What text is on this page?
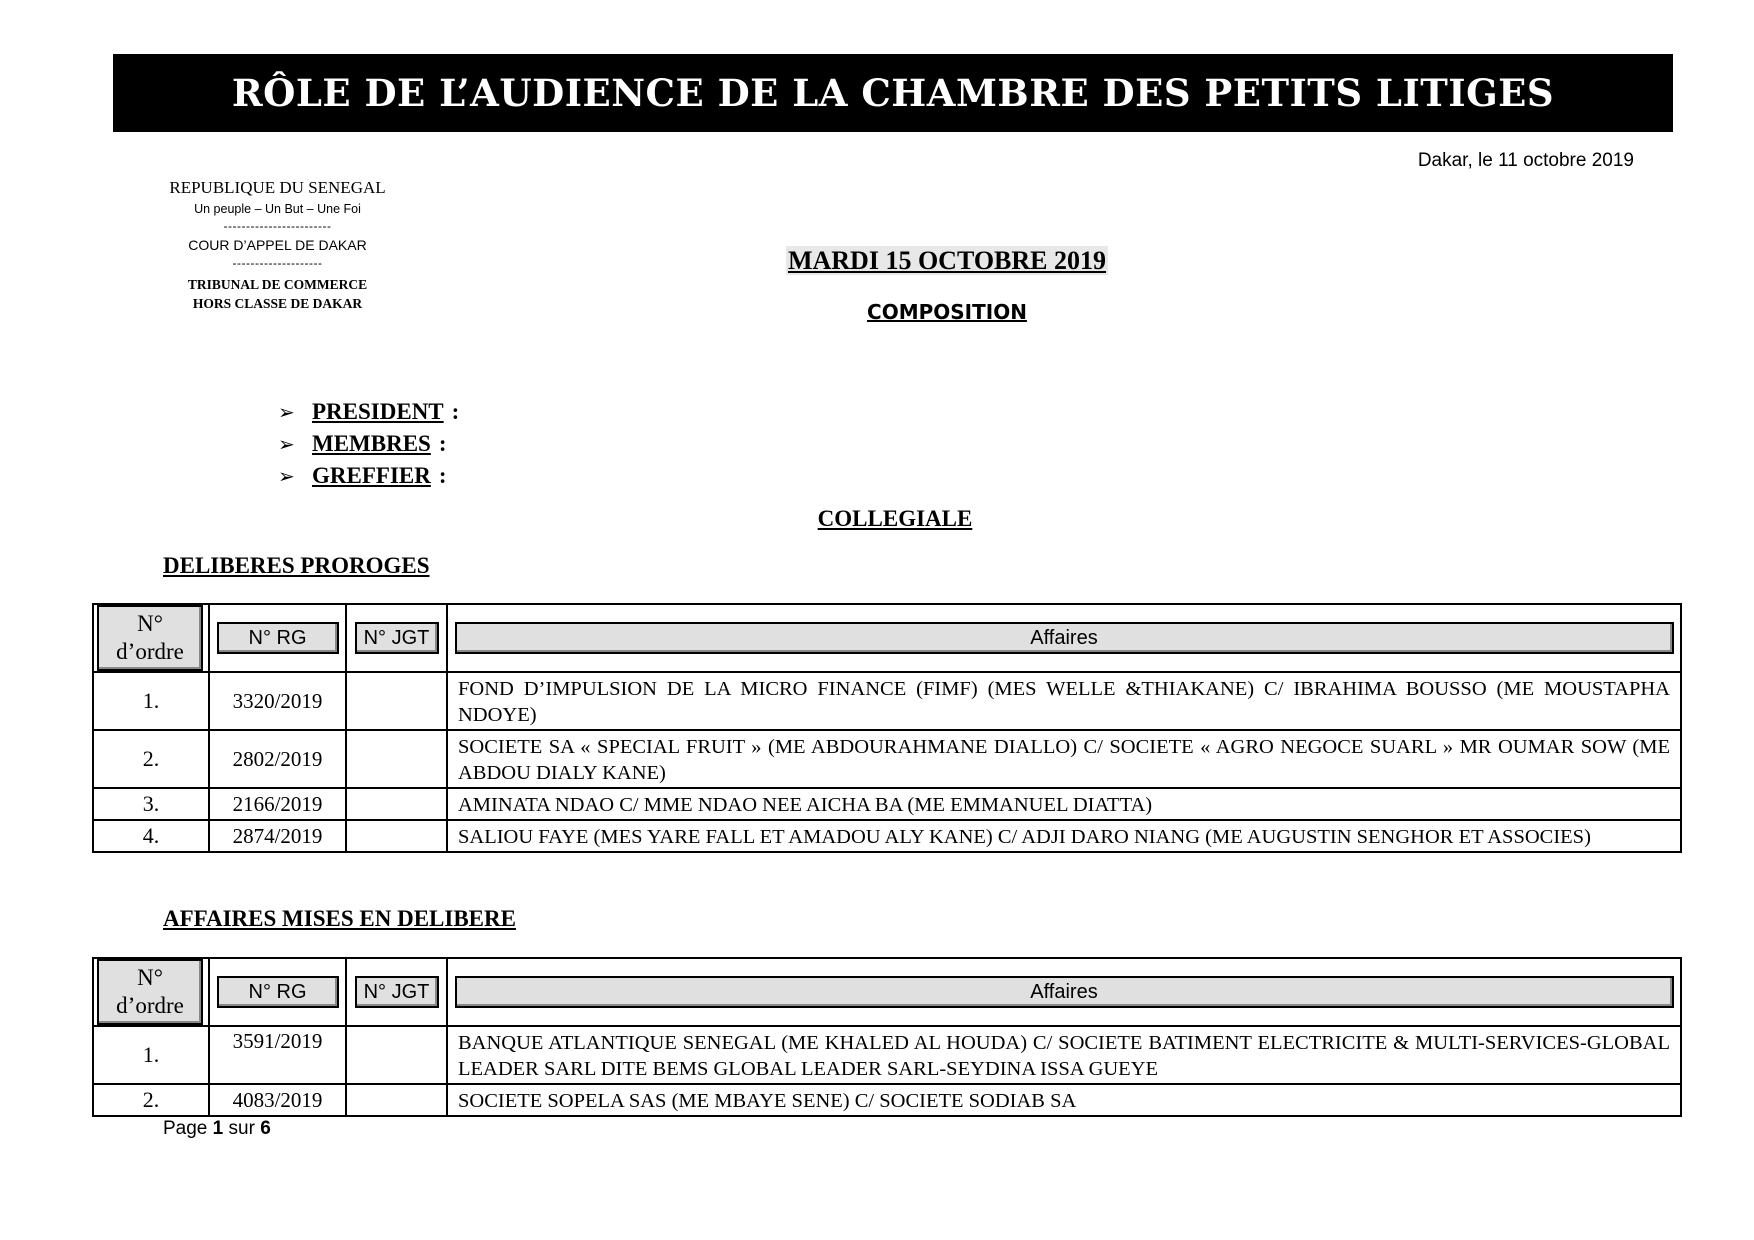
RÔLE DE L’AUDIENCE DE LA CHAMBRE DES PETITS LITIGES
Dakar, le 11 octobre 2019
REPUBLIQUE DU SENEGAL
Un peuple – Un But – Une Foi
------------------------
COUR D’APPEL DE DAKAR
--------------------
TRIBUNAL DE COMMERCE
HORS CLASSE DE DAKAR
MARDI 15 OCTOBRE 2019
COMPOSITION
➢ PRESIDENT :
➢ MEMBRES :
➢ GREFFIER :
COLLEGIALE
DELIBERES PROROGES
N°
d’ordre	N° RG	N° JGT	Affaires

1.	3320/2019		FOND D’IMPULSION DE LA MICRO FINANCE (FIMF) (MES WELLE &THIAKANE) C/ IBRAHIMA BOUSSO (ME MOUSTAPHA NDOYE)
2.	2802/2019		SOCIETE SA « SPECIAL FRUIT » (ME ABDOURAHMANE DIALLO) C/ SOCIETE « AGRO NEGOCE SUARL » MR OUMAR SOW (ME ABDOU DIALY KANE)
3.	2166/2019		AMINATA NDAO C/ MME NDAO NEE AICHA BA (ME EMMANUEL DIATTA)
4.	2874/2019		SALIOU FAYE (MES YARE FALL ET AMADOU ALY KANE) C/ ADJI DARO NIANG (ME AUGUSTIN SENGHOR ET ASSOCIES)
AFFAIRES MISES EN DELIBERE
N°
d’ordre	N° RG	N° JGT	Affaires

1.	3591/2019		BANQUE ATLANTIQUE SENEGAL (ME KHALED AL HOUDA) C/ SOCIETE BATIMENT ELECTRICITE & MULTI-SERVICES-GLOBAL LEADER SARL DITE BEMS GLOBAL LEADER SARL-SEYDINA ISSA GUEYE
2.	4083/2019		SOCIETE SOPELA SAS (ME MBAYE SENE) C/ SOCIETE SODIAB SA
Page 1 sur 6
